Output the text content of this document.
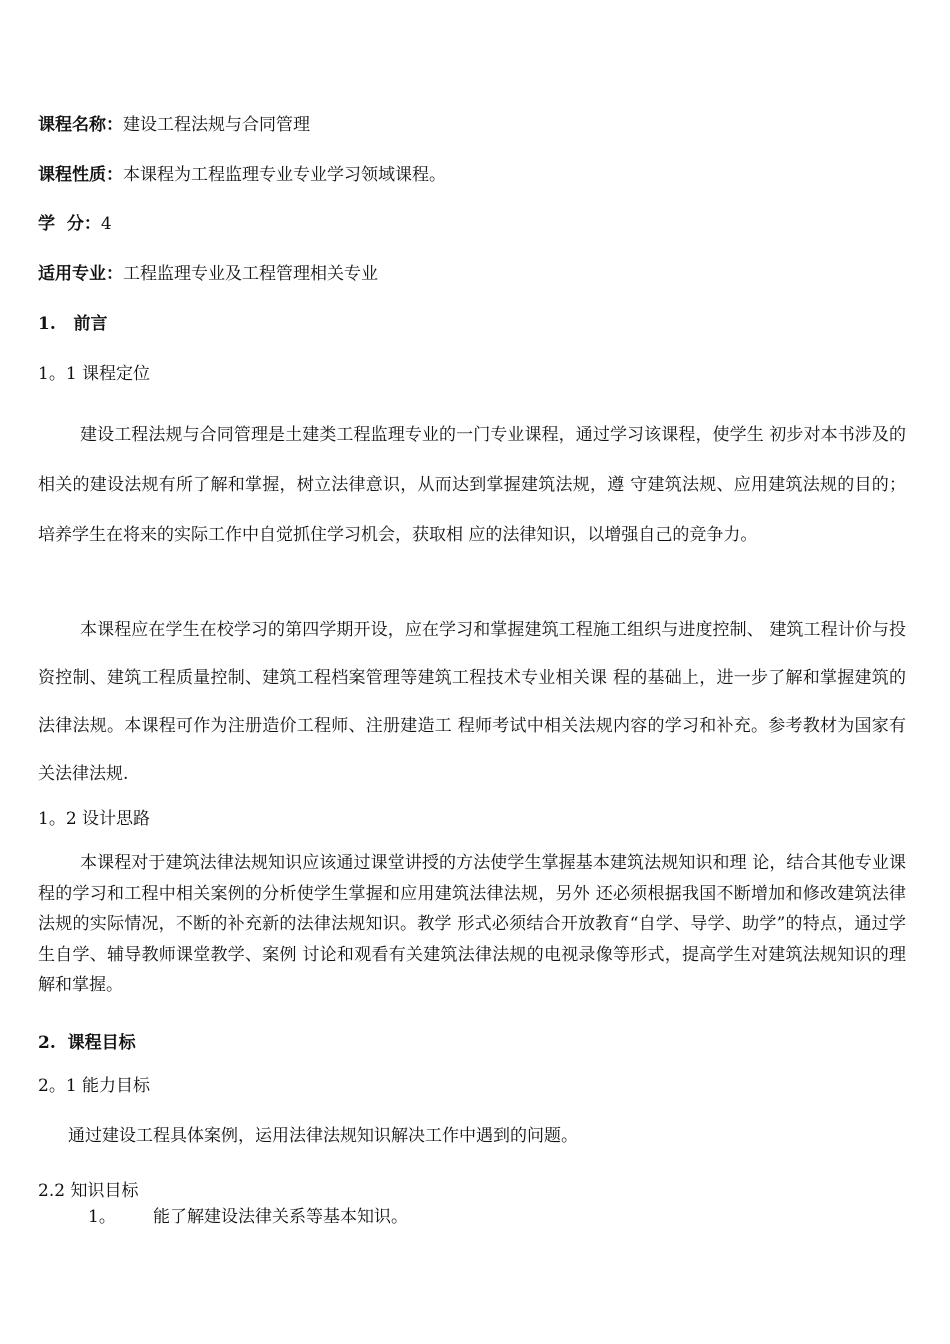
课程名称：建设工程法规与合同管理
课程性质：本课程为工程监理专业专业学习领域课程。
学  分：4
适用专业：工程监理专业及工程管理相关专业
1.   前言
1。1 课程定位
建设工程法规与合同管理是土建类工程监理专业的一门专业课程，通过学习该课程，使学生 初步对本书涉及的相关的建设法规有所了解和掌握，树立法律意识，从而达到掌握建筑法规，遵 守建筑法规、应用建筑法规的目的；培养学生在将来的实际工作中自觉抓住学习机会，获取相 应的法律知识，以增强自己的竞争力。
本课程应在学生在校学习的第四学期开设，应在学习和掌握建筑工程施工组织与进度控制、 建筑工程计价与投资控制、建筑工程质量控制、建筑工程档案管理等建筑工程技术专业相关课 程的基础上，进一步了解和掌握建筑的法律法规。本课程可作为注册造价工程师、注册建造工 程师考试中相关法规内容的学习和补充。参考教材为国家有关法律法规.
1。2 设计思路
本课程对于建筑法律法规知识应该通过课堂讲授的方法使学生掌握基本建筑法规知识和理 论，结合其他专业课程的学习和工程中相关案例的分析使学生掌握和应用建筑法律法规，另外 还必须根据我国不断增加和修改建筑法律法规的实际情况，不断的补充新的法律法规知识。教学 形式必须结合开放教育“自学、导学、助学”的特点，通过学生自学、辅导教师课堂教学、案例 讨论和观看有关建筑法律法规的电视录像等形式，提高学生对建筑法规知识的理解和掌握。
2.  课程目标
2。1 能力目标
通过建设工程具体案例，运用法律法规知识解决工作中遇到的问题。
2.2 知识目标
1。 能了解建设法律关系等基本知识。
